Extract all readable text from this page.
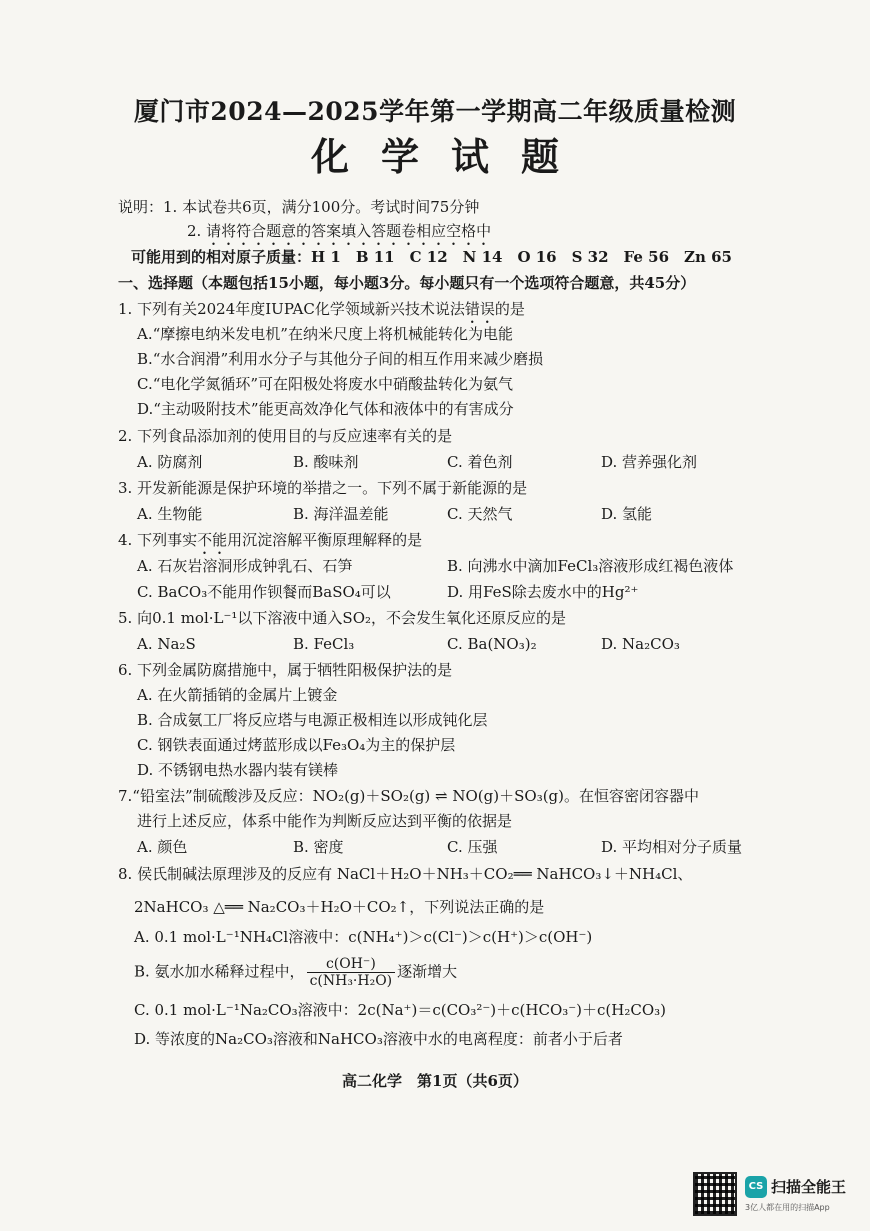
厦门市2024—2025学年第一学期高二年级质量检测
化学试题
说明：1. 本试卷共6页，满分100分。考试时间75分钟
2. 请将符合题意的答案填入答题卷相应空格中
可能用到的相对原子质量：H 1　B 11　C 12　N 14　O 16　S 32　Fe 56　Zn 65
一、选择题（本题包括15小题，每小题3分。每小题只有一个选项符合题意，共45分）
1. 下列有关2024年度IUPAC化学领域新兴技术说法错误的是
A.“摩擦电纳米发电机”在纳米尺度上将机械能转化为电能
B.“水合润滑”利用水分子与其他分子间的相互作用来减少磨损
C.“电化学氮循环”可在阳极处将废水中硝酸盐转化为氨气
D.“主动吸附技术”能更高效净化气体和液体中的有害成分
2. 下列食品添加剂的使用目的与反应速率有关的是
A. 防腐剂	B. 酸味剂	C. 着色剂	D. 营养强化剂
3. 开发新能源是保护环境的举措之一。下列不属于新能源的是
A. 生物能	B. 海洋温差能	C. 天然气	D. 氢能
4. 下列事实不能用沉淀溶解平衡原理解释的是
A. 石灰岩溶洞形成钟乳石、石笋	B. 向沸水中滴加FeCl₃溶液形成红褐色液体
C. BaCO₃不能用作钡餐而BaSO₄可以	D. 用FeS除去废水中的Hg²⁺
5. 向0.1 mol·L⁻¹以下溶液中通入SO₂，不会发生氧化还原反应的是
A. Na₂S	B. FeCl₃	C. Ba(NO₃)₂	D. Na₂CO₃
6. 下列金属防腐措施中，属于牺牲阳极保护法的是
A. 在火箭插销的金属片上镀金
B. 合成氨工厂将反应塔与电源正极相连以形成钝化层
C. 钢铁表面通过烤蓝形成以Fe₃O₄为主的保护层
D. 不锈钢电热水器内装有镁棒
7.“铅室法”制硫酸涉及反应：NO₂(g)＋SO₂(g) ⇌ NO(g)＋SO₃(g)。在恒容密闭容器中
进行上述反应，体系中能作为判断反应达到平衡的依据是
A. 颜色	B. 密度	C. 压强	D. 平均相对分子质量
8. 侯氏制碱法原理涉及的反应有 NaCl＋H₂O＋NH₃＋CO₂══ NaHCO₃↓＋NH₄Cl、
2NaHCO₃ △══ Na₂CO₃＋H₂O＋CO₂↑，下列说法正确的是
A. 0.1 mol·L⁻¹NH₄Cl溶液中：c(NH₄⁺)＞c(Cl⁻)＞c(H⁺)＞c(OH⁻)
B. 氨水加水稀释过程中， $\frac{c(OH^-)}{\text{c(NH₃·H₂O)}}$ 逐渐增大
C. 0.1 mol·L⁻¹Na₂CO₃溶液中：2c(Na⁺)＝c(CO₃²⁻)＋c(HCO₃⁻)＋c(H₂CO₃)
D. 等浓度的Na₂CO₃溶液和NaHCO₃溶液中水的电离程度：前者小于后者
高二化学　第1页（共6页）
CS 扫描全能王
3亿人都在用的扫描App
